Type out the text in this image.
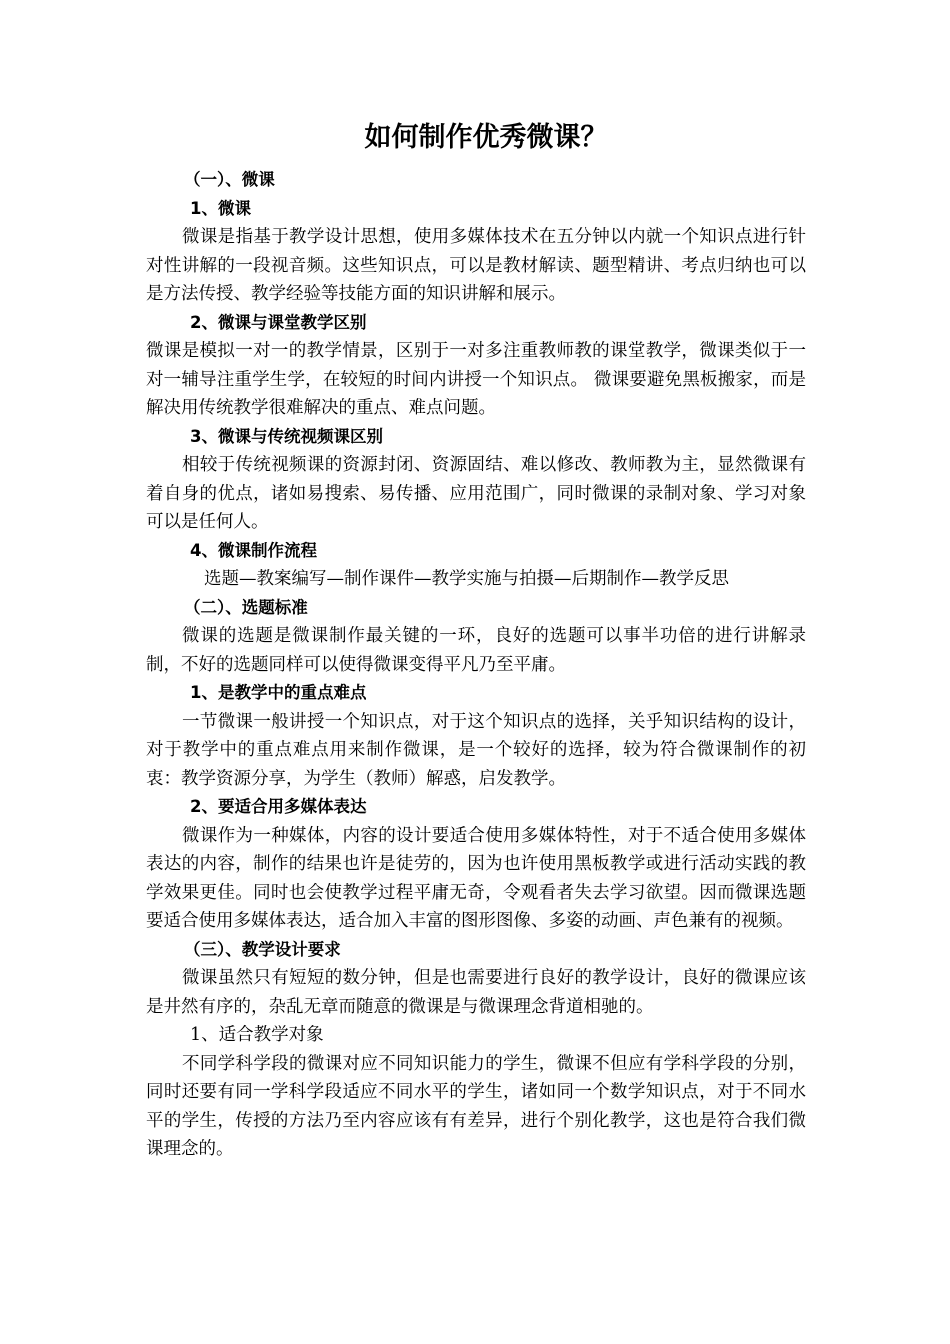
如何制作优秀微课？
（一）、微课
1、微课

微课是指基于教学设计思想，使用多媒体技术在五分钟以内就一个知识点进行针对性讲解的一段视音频。这些知识点，可以是教材解读、题型精讲、考点归纳也可以是方法传授、教学经验等技能方面的知识讲解和展示。

2、微课与课堂教学区别

微课是模拟一对一的教学情景，区别于一对多注重教师教的课堂教学，微课类似于一对一辅导注重学生学，在较短的时间内讲授一个知识点。 微课要避免黑板搬家，而是解决用传统教学很难解决的重点、难点问题。

3、微课与传统视频课区别

相较于传统视频课的资源封闭、资源固结、难以修改、教师教为主，显然微课有着自身的优点，诸如易搜索、易传播、应用范围广，同时微课的录制对象、学习对象可以是任何人。

4、微课制作流程
选题—教案编写—制作课件—教学实施与拍摄—后期制作—教学反思
（二）、选题标准

微课的选题是微课制作最关键的一环，良好的选题可以事半功倍的进行讲解录制，不好的选题同样可以使得微课变得平凡乃至平庸。

1、是教学中的重点难点

一节微课一般讲授一个知识点，对于这个知识点的选择，关乎知识结构的设计，对于教学中的重点难点用来制作微课，是一个较好的选择，较为符合微课制作的初衷：教学资源分享，为学生（教师）解惑，启发教学。

2、要适合用多媒体表达

微课作为一种媒体，内容的设计要适合使用多媒体特性，对于不适合使用多媒体表达的内容，制作的结果也许是徒劳的，因为也许使用黑板教学或进行活动实践的教学效果更佳。同时也会使教学过程平庸无奇，令观看者失去学习欲望。因而微课选题要适合使用多媒体表达，适合加入丰富的图形图像、多姿的动画、声色兼有的视频。

（三）、教学设计要求

微课虽然只有短短的数分钟，但是也需要进行良好的教学设计，良好的微课应该是井然有序的，杂乱无章而随意的微课是与微课理念背道相驰的。

1、适合教学对象

不同学科学段的微课对应不同知识能力的学生，微课不但应有学科学段的分别，同时还要有同一学科学段适应不同水平的学生，诸如同一个数学知识点，对于不同水平的学生，传授的方法乃至内容应该有有差异，进行个别化教学，这也是符合我们微课理念的。
